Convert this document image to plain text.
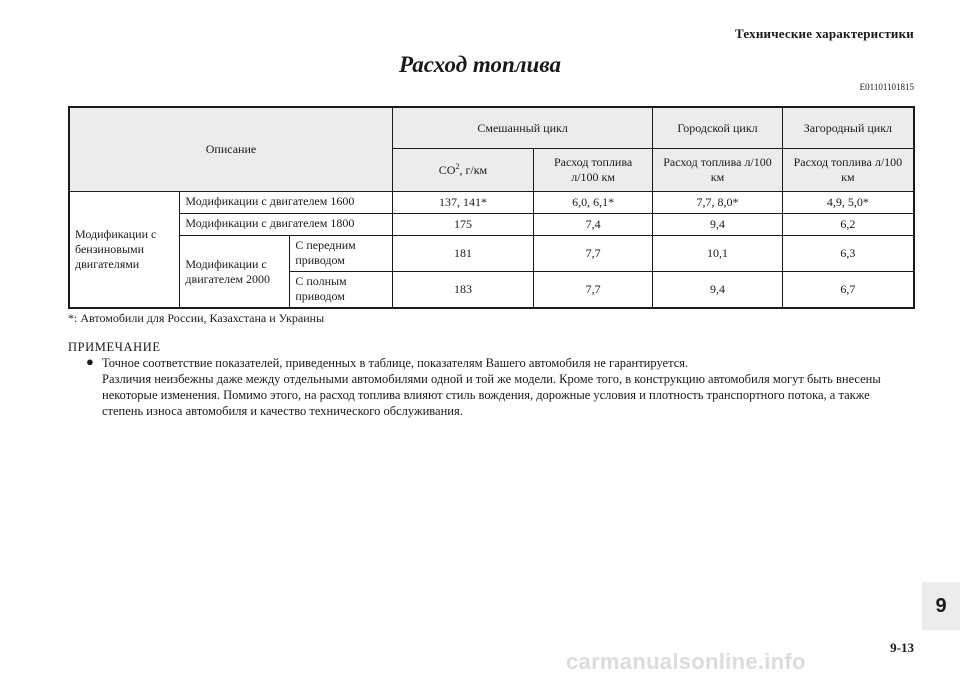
Технические характеристики
Расход топлива
E01101101815
Описание			Смешанный цикл		Городской цикл	Загородный цикл
			$CO^2$, г/км	Расход топлива л/100 км	Расход топлива л/100 км	Расход топлива л/100 км
Модификации с бензиновыми двигателями	Модификации с двигателем 1600		137, 141*	6,0, 6,1*	7,7, 8,0*	4,9, 5,0*
	Модификации с двигателем 1800		175	7,4	9,4	6,2
	Модификации с двигателем 2000	С передним приводом	181	7,7	10,1	6,3
		С полным приводом	183	7,7	9,4	6,7
*: Автомобили для России, Казахстана и Украины
ПРИМЕЧАНИЕ
● Точное соответствие показателей, приведенных в таблице, показателям Вашего автомобиля не гарантируется.
Различия неизбежны даже между отдельными автомобилями одной и той же модели. Кроме того, в конструкцию автомобиля могут быть внесены некоторые изменения. Помимо этого, на расход топлива влияют стиль вождения, дорожные условия и плотность транспортного потока, а также степень износа автомобиля и качество технического обслуживания.
9
9-13
carmanualsonline.info
